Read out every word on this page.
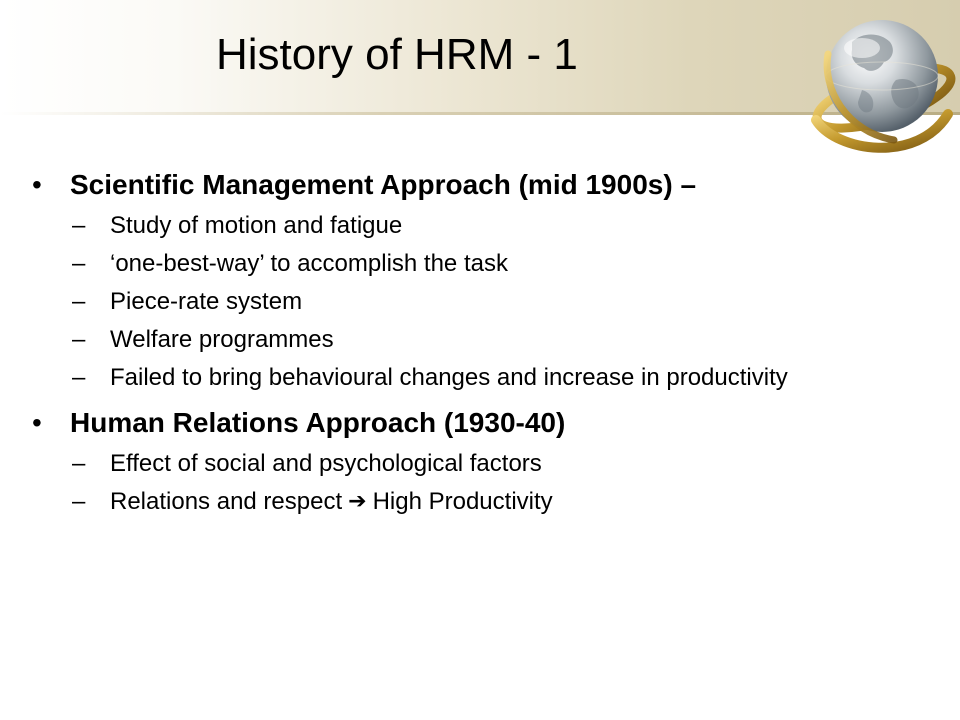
History of HRM - 1
• Scientific Management Approach (mid 1900s) –
– Study of motion and fatigue
– ‘one-best-way’ to accomplish the task
– Piece-rate system
– Welfare programmes
– Failed to bring behavioural changes and increase in productivity
• Human Relations Approach (1930-40)
– Effect of social and psychological factors
– Relations and respect ➔ High Productivity
